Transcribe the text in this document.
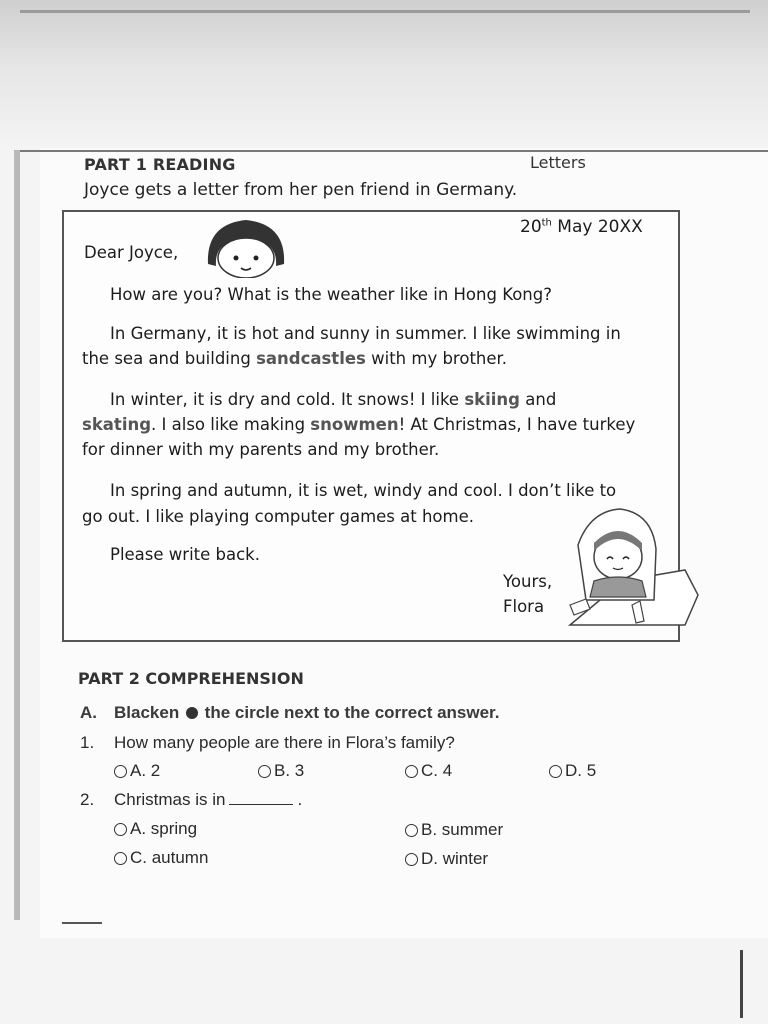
PART 1 READING	Letters
Joyce gets a letter from her pen friend in Germany.
20th May 20XX
Dear Joyce,
How are you? What is the weather like in Hong Kong?
In Germany, it is hot and sunny in summer. I like swimming in
the sea and building sandcastles with my brother.
In winter, it is dry and cold. It snows! I like skiing and
skating. I also like making snowmen! At Christmas, I have turkey
for dinner with my parents and my brother.
In spring and autumn, it is wet, windy and cool. I don’t like to
go out. I like playing computer games at home.
Please write back.
Yours,
Flora
PART 2 COMPREHENSION
A. Blacken the circle next to the correct answer.
1. How many people are there in Flora’s family?
A. 2	B. 3	C. 4	D. 5
2. Christmas is in	.
A. spring	B. summer
C. autumn	D. winter
